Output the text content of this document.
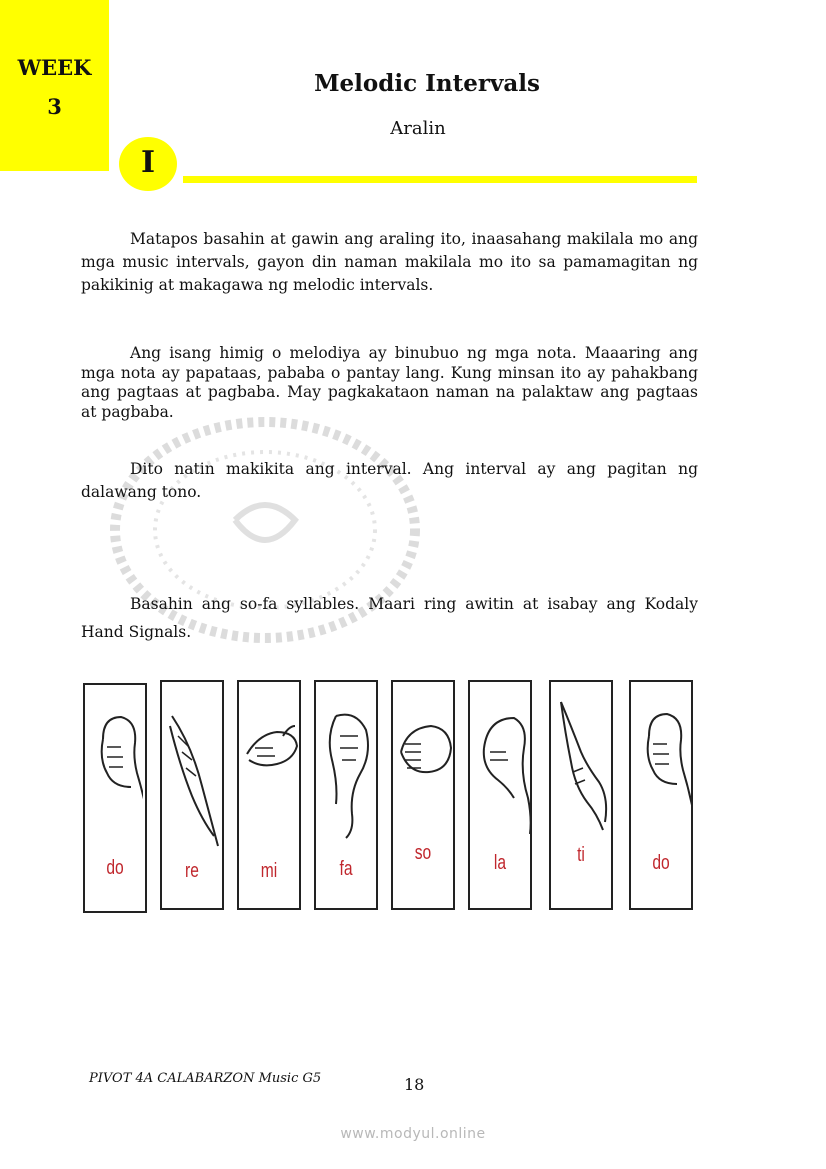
WEEK
3
Melodic Intervals
Aralin
I

Matapos basahin at gawin ang araling ito, inaasahang makilala mo ang mga music intervals, gayon din naman makilala mo ito sa pamamagitan ng pakikinig at makagawa ng melodic intervals.

Ang isang himig o melodiya ay binubuo ng mga nota. Maaaring ang mga nota ay papataas, pababa o pantay lang. Kung minsan ito ay pahakbang ang pagtaas at pagbaba. May pagkakataon naman na palaktaw ang pagtaas at pagbaba.

Dito natin makikita ang interval. Ang interval ay ang pagitan ng dalawang tono.

Basahin ang so-fa syllables. Maari ring awitin at isabay ang Kodaly Hand Signals.

do	re	mi	fa
so	la	ti	do
PIVOT 4A CALABARZON Music G5	18
www.modyul.online
